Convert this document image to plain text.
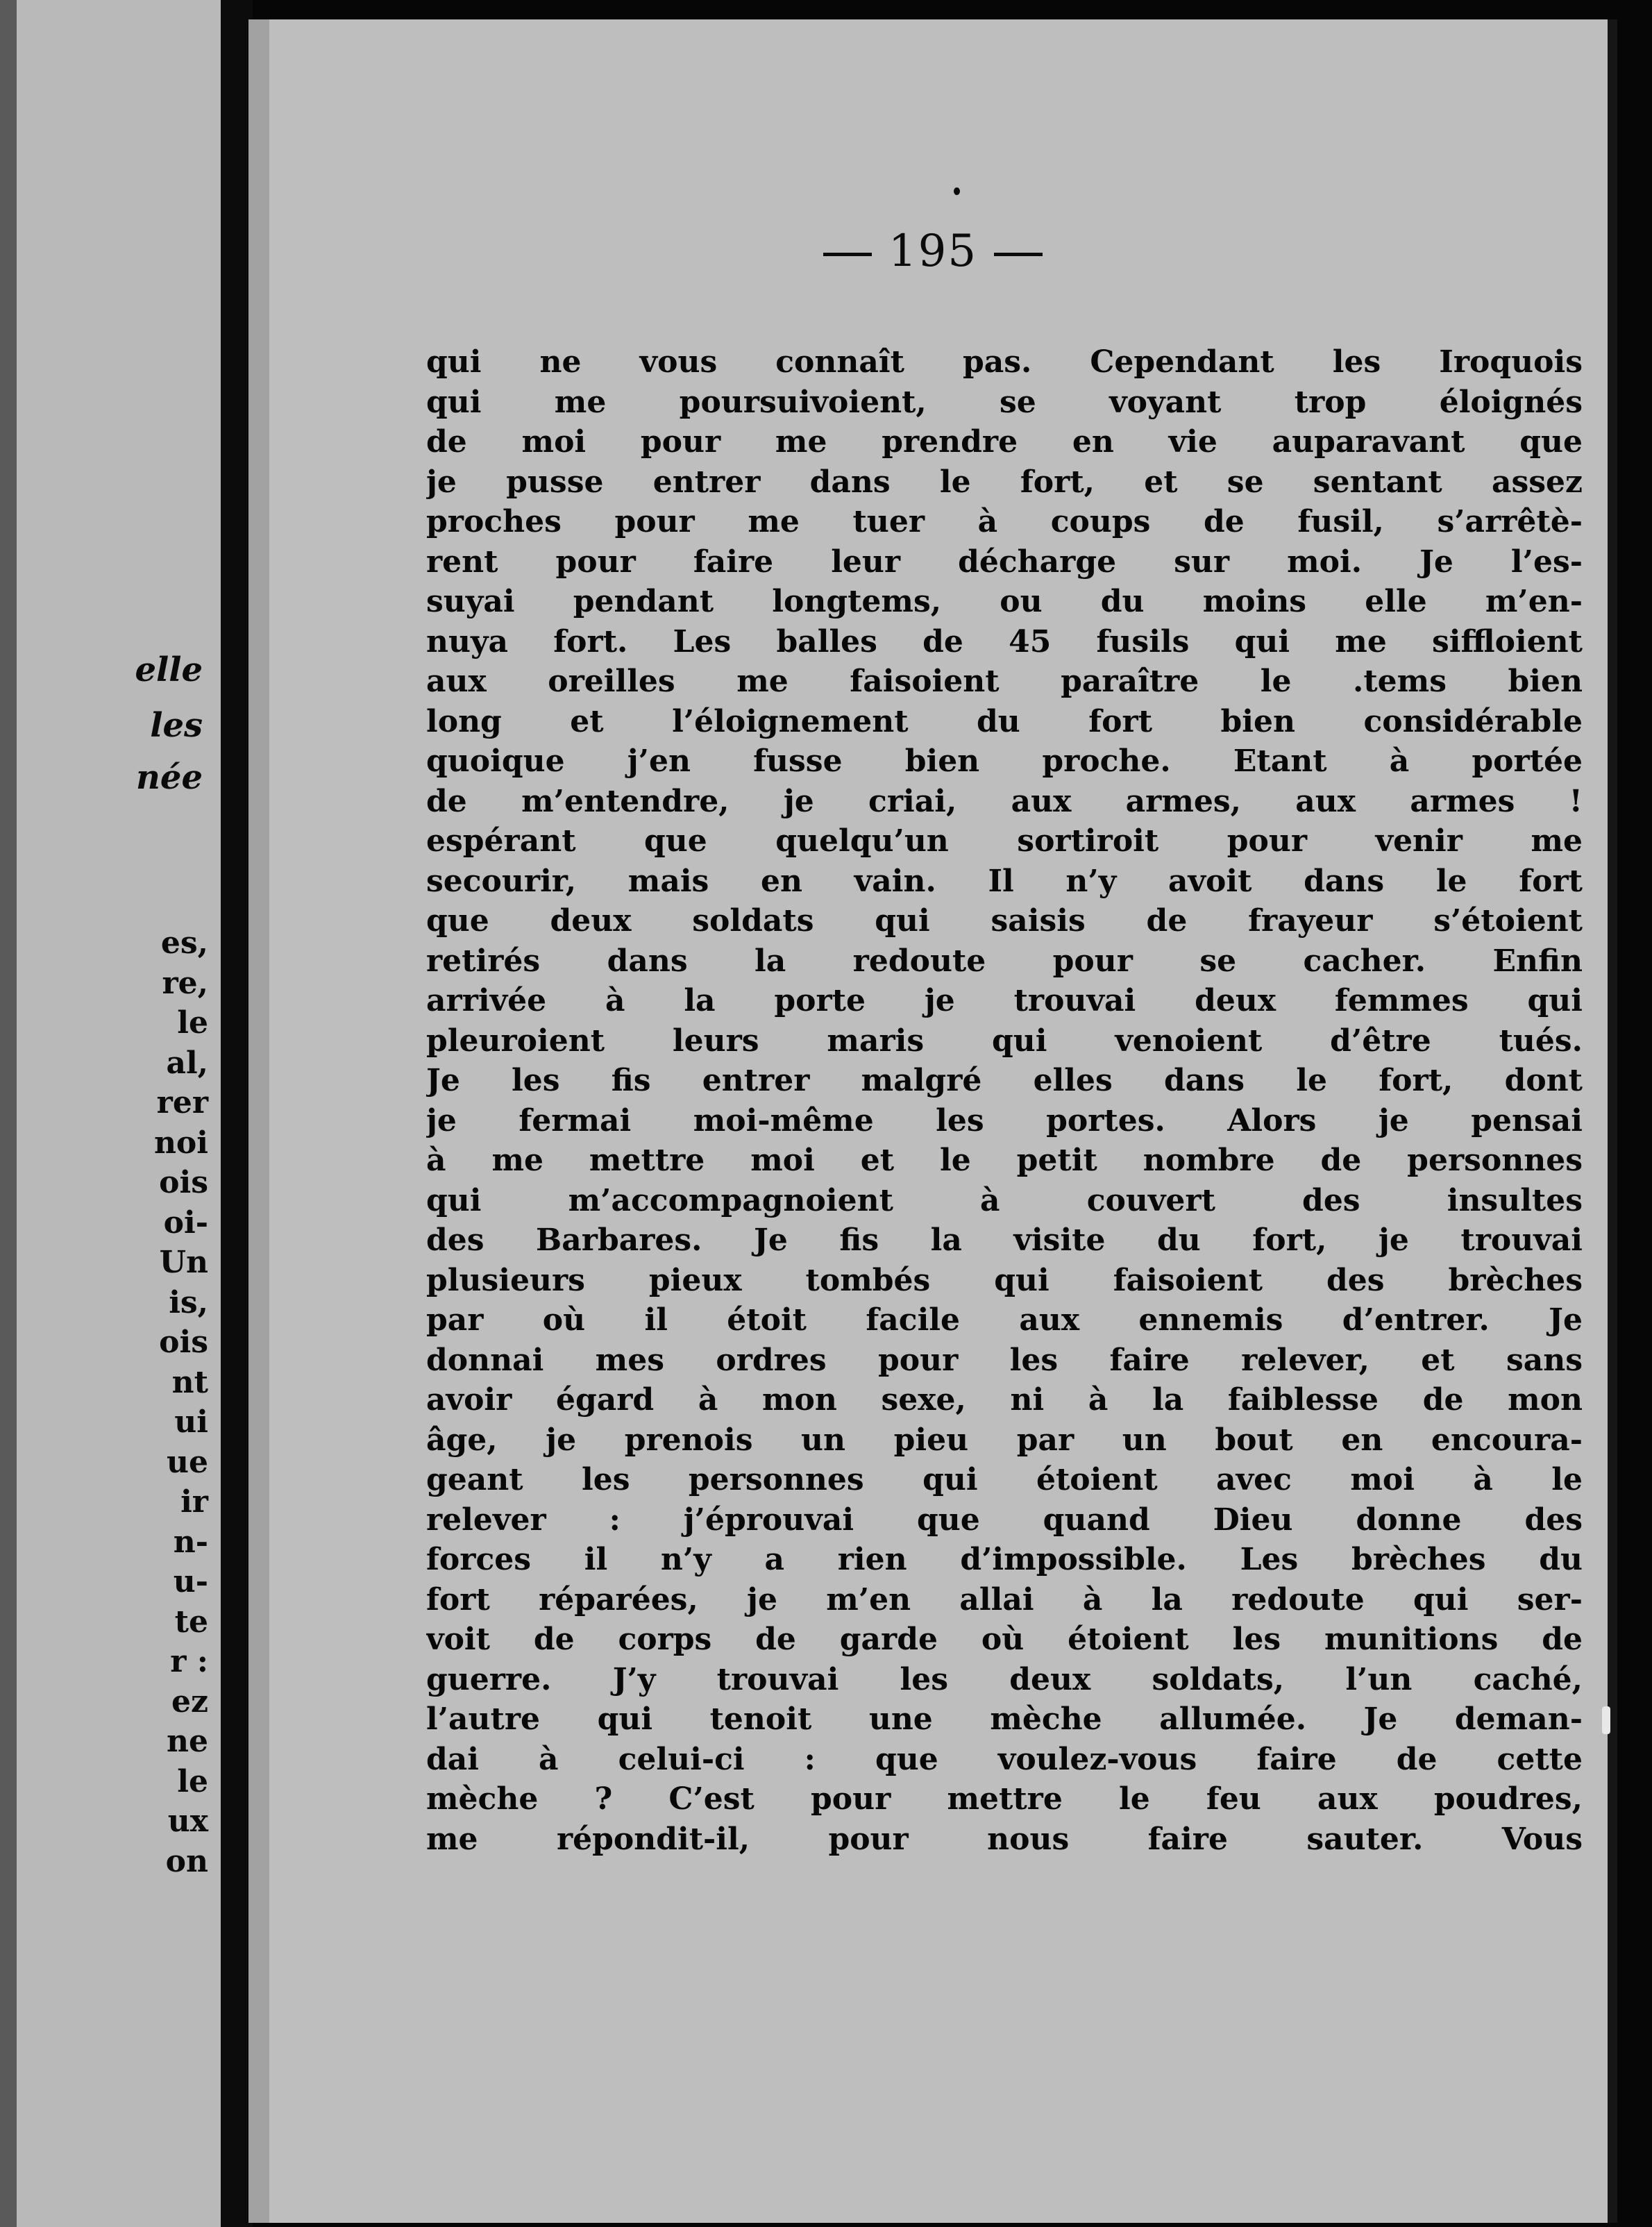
elle

les

née

es,

re,

le

al,

rer

noi

ois

oi-

Un

is,

ois

nt

ui

ue

ir

n-

u-

te

r :

ez

ne

le

ux

on

195

qui ne vous connaît pas. Cependant les Iroquois

qui me poursuivoient, se voyant trop éloignés

de moi pour me prendre en vie auparavant que

je pusse entrer dans le fort, et se sentant assez

proches pour me tuer à coups de fusil, s’arrêtè-

rent pour faire leur décharge sur moi. Je l’es-

suyai pendant longtems, ou du moins elle m’en-

nuya fort. Les balles de 45 fusils qui me siffloient

aux oreilles me faisoient paraître le .tems bien

long et l’éloignement du fort bien considérable

quoique j’en fusse bien proche. Etant à portée

de m’entendre, je criai, aux armes, aux armes !

espérant que quelqu’un sortiroit pour venir me

secourir, mais en vain. Il n’y avoit dans le fort

que deux soldats qui saisis de frayeur s’étoient

retirés dans la redoute pour se cacher. Enfin

arrivée à la porte je trouvai deux femmes qui

pleuroient leurs maris qui venoient d’être tués.

Je les fis entrer malgré elles dans le fort, dont

je fermai moi-même les portes. Alors je pensai

à me mettre moi et le petit nombre de personnes

qui m’accompagnoient à couvert des insultes

des Barbares. Je fis la visite du fort, je trouvai

plusieurs pieux tombés qui faisoient des brèches

par où il étoit facile aux ennemis d’entrer. Je

donnai mes ordres pour les faire relever, et sans

avoir égard à mon sexe, ni à la faiblesse de mon

âge, je prenois un pieu par un bout en encoura-

geant les personnes qui étoient avec moi à le

relever : j’éprouvai que quand Dieu donne des

forces il n’y a rien d’impossible. Les brèches du

fort réparées, je m’en allai à la redoute qui ser-

voit de corps de garde où étoient les munitions de

guerre. J’y trouvai les deux soldats, l’un caché,

l’autre qui tenoit une mèche allumée. Je deman-

dai à celui-ci : que voulez-vous faire de cette

mèche ? C’est pour mettre le feu aux poudres,

me répondit-il, pour nous faire sauter. Vous
